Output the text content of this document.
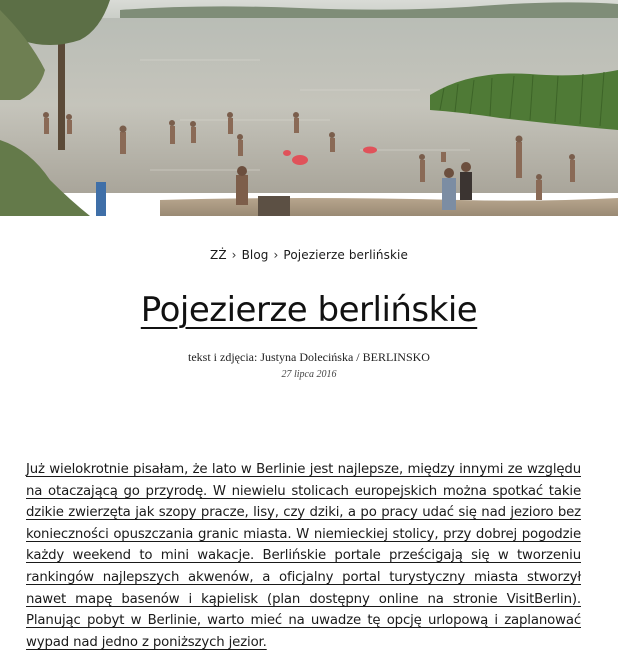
ZŻ › Blog › Pojezierze berlińskie
Pojezierze berlińskie
tekst i zdjęcia: Justyna Dolecińska / BERLINSKO
27 lipca 2016

Już wielokrotnie pisałam, że lato w Berlinie jest najlepsze, między innymi ze względu na otaczającą go przyrodę. W niewielu stolicach europejskich można spotkać takie dzikie zwierzęta jak szopy pracze, lisy, czy dziki, a po pracy udać się nad jezioro bez konieczności opuszczania granic miasta. W niemieckiej stolicy, przy dobrej pogodzie każdy weekend to mini wakacje. Berlińskie portale prześcigają się w tworzeniu rankingów najlepszych akwenów, a oficjalny portal turystyczny miasta stworzył nawet mapę basenów i kąpielisk (plan dostępny online na stronie VisitBerlin). Planując pobyt w Berlinie, warto mieć na uwadze tę opcję urlopową i zaplanować wypad nad jedno z poniższych jezior.
